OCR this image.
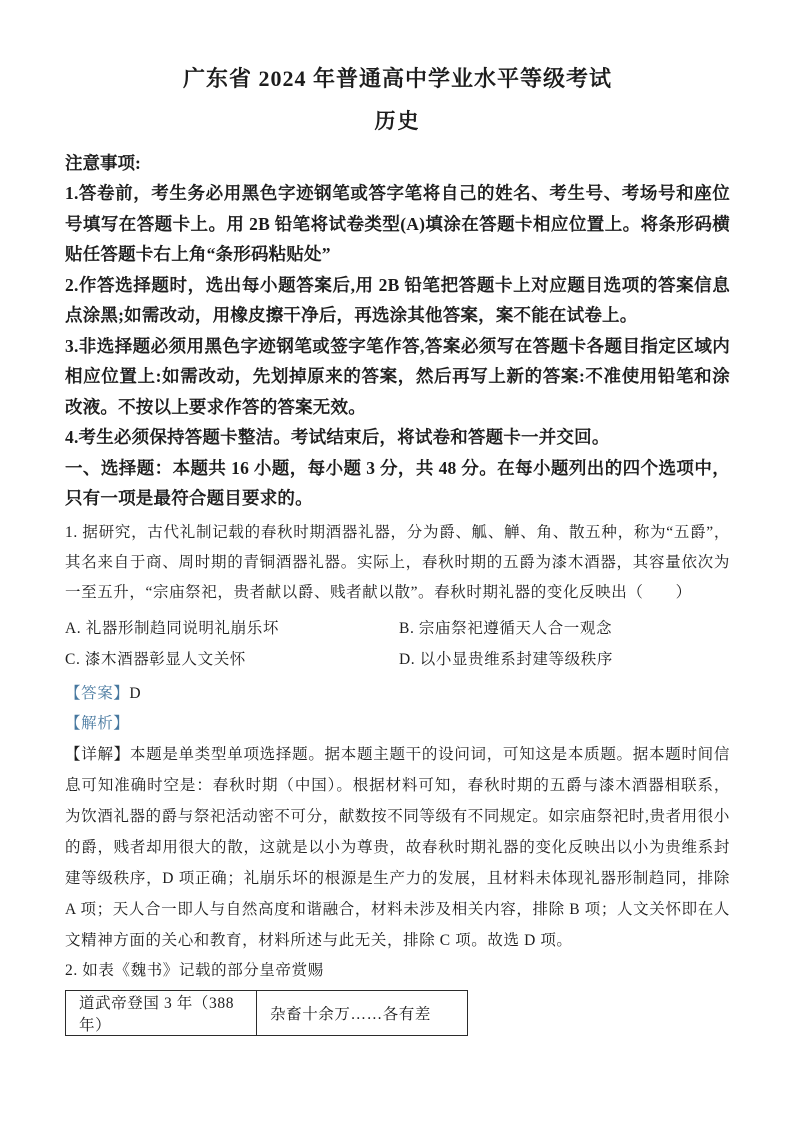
广东省 2024 年普通高中学业水平等级考试
历史

注意事项:

1.答卷前，考生务必用黑色字迹钢笔或答字笔将自己的姓名、考生号、考场号和座位号填写在答题卡上。用 2B 铅笔将试卷类型(A)填涂在答题卡相应位置上。将条形码横贴任答题卡右上角“条形码粘贴处”

2.作答选择题时，选出每小题答案后,用 2B 铅笔把答题卡上对应题目选项的答案信息点涂黑;如需改动，用橡皮擦干净后，再选涂其他答案，案不能在试卷上。

3.非选择题必须用黑色字迹钢笔或签字笔作答,答案必须写在答题卡各题目指定区域内相应位置上:如需改动，先划掉原来的答案，然后再写上新的答案:不准使用铅笔和涂改液。不按以上要求作答的答案无效。

4.考生必须保持答题卡整洁。考试结束后，将试卷和答题卡一并交回。

一、选择题：本题共 16 小题，每小题 3 分，共 48 分。在每小题列出的四个选项中，只有一项是最符合题目要求的。

1. 据研究，古代礼制记载的春秋时期酒器礼器，分为爵、觚、觯、角、散五种，称为“五爵”，其名来自于商、周时期的青铜酒器礼器。实际上，春秋时期的五爵为漆木酒器，其容量依次为一至五升，“宗庙祭祀，贵者献以爵、贱者献以散”。春秋时期礼器的变化反映出（　　）

A. 礼器形制趋同说明礼崩乐坏	B. 宗庙祭祀遵循天人合一观念
C. 漆木酒器彰显人文关怀	D. 以小显贵维系封建等级秩序

【答案】D

【解析】

【详解】本题是单类型单项选择题。据本题主题干的设问词，可知这是本质题。据本题时间信息可知准确时空是：春秋时期（中国）。根据材料可知，春秋时期的五爵与漆木酒器相联系，为饮酒礼器的爵与祭祀活动密不可分，献数按不同等级有不同规定。如宗庙祭祀时,贵者用很小的爵，贱者却用很大的散，这就是以小为尊贵，故春秋时期礼器的变化反映出以小为贵维系封建等级秩序，D 项正确；礼崩乐坏的根源是生产力的发展，且材料未体现礼器形制趋同，排除 A 项；天人合一即人与自然高度和谐融合，材料未涉及相关内容，排除 B 项；人文关怀即在人文精神方面的关心和教育，材料所述与此无关，排除 C 项。故选 D 项。

2. 如表《魏书》记载的部分皇帝赏赐

道武帝登国 3 年（388 年）	杂畜十余万……各有差
